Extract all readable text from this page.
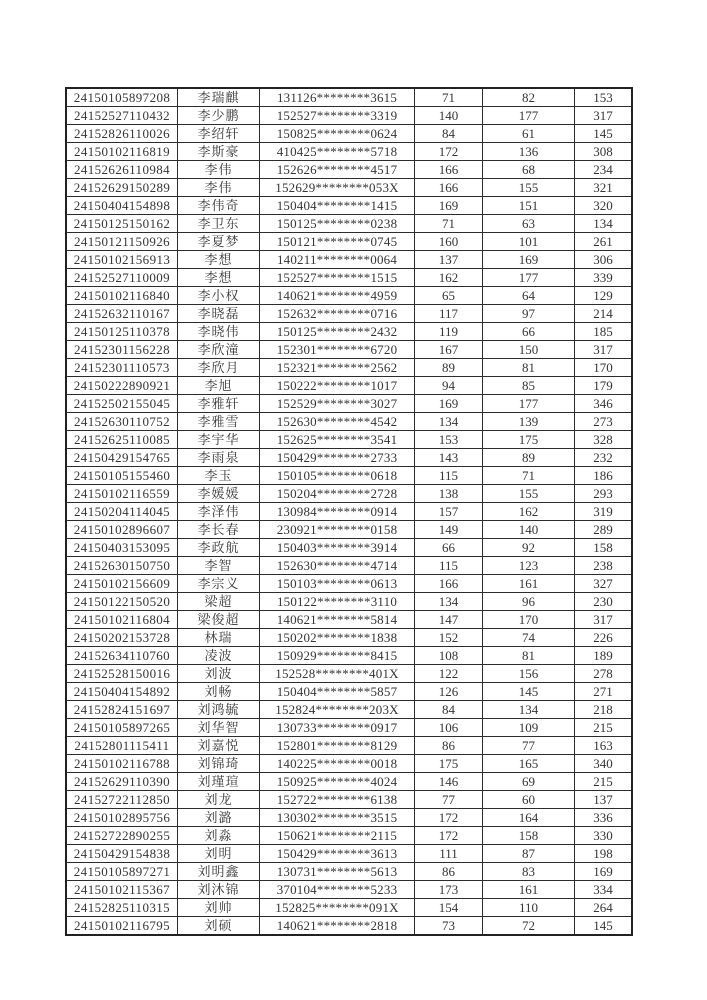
24150105897208	李瑞麒	131126********3615	71	82	153
24152527110432	李少鹏	152527********3319	140	177	317
24152826110026	李绍轩	150825********0624	84	61	145
24150102116819	李斯豪	410425********5718	172	136	308
24152626110984	李伟	152626********4517	166	68	234
24152629150289	李伟	152629********053X	166	155	321
24150404154898	李伟奇	150404********1415	169	151	320
24150125150162	李卫东	150125********0238	71	63	134
24150121150926	李夏梦	150121********0745	160	101	261
24150102156913	李想	140211********0064	137	169	306
24152527110009	李想	152527********1515	162	177	339
24150102116840	李小权	140621********4959	65	64	129
24152632110167	李晓磊	152632********0716	117	97	214
24150125110378	李晓伟	150125********2432	119	66	185
24152301156228	李欣潼	152301********6720	167	150	317
24152301110573	李欣月	152321********2562	89	81	170
24150222890921	李旭	150222********1017	94	85	179
24152502155045	李雅轩	152529********3027	169	177	346
24152630110752	李雅雪	152630********4542	134	139	273
24152625110085	李宇华	152625********3541	153	175	328
24150429154765	李雨泉	150429********2733	143	89	232
24150105155460	李玉	150105********0618	115	71	186
24150102116559	李媛媛	150204********2728	138	155	293
24150204114045	李泽伟	130984********0914	157	162	319
24150102896607	李长春	230921********0158	149	140	289
24150403153095	李政航	150403********3914	66	92	158
24152630150750	李智	152630********4714	115	123	238
24150102156609	李宗义	150103********0613	166	161	327
24150122150520	梁超	150122********3110	134	96	230
24150102116804	梁俊超	140621********5814	147	170	317
24150202153728	林瑞	150202********1838	152	74	226
24152634110760	凌波	150929********8415	108	81	189
24152528150016	刘波	152528********401X	122	156	278
24150404154892	刘畅	150404********5857	126	145	271
24152824151697	刘鸿毓	152824********203X	84	134	218
24150105897265	刘华智	130733********0917	106	109	215
24152801115411	刘嘉悦	152801********8129	86	77	163
24150102116788	刘锦琦	140225********0018	175	165	340
24152629110390	刘瑾瑄	150925********4024	146	69	215
24152722112850	刘龙	152722********6138	77	60	137
24150102895756	刘潞	130302********3515	172	164	336
24152722890255	刘淼	150621********2115	172	158	330
24150429154838	刘明	150429********3613	111	87	198
24150105897271	刘明鑫	130731********5613	86	83	169
24150102115367	刘沐锦	370104********5233	173	161	334
24152825110315	刘帅	152825********091X	154	110	264
24150102116795	刘硕	140621********2818	73	72	145
